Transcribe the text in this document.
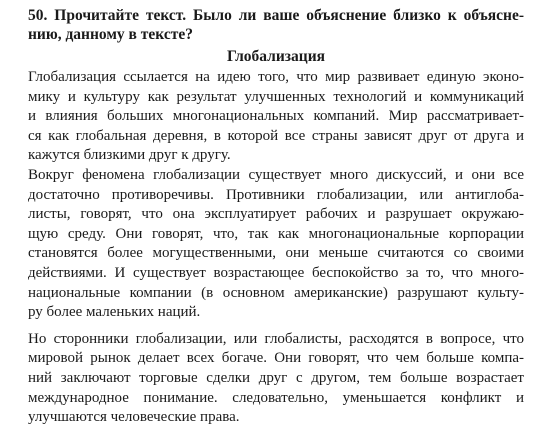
50. Прочитайте текст. Было ли ваше объяснение близко к объясне-
нию, данному в тексте?
Глобализация
Глобализация ссылается на идею того, что мир развивает единую эконо-
мику и культуру как результат улучшенных технологий и коммуникаций
и влияния больших многонациональных компаний. Мир рассматривает-
ся как глобальная деревня, в которой все страны зависят друг от друга и
кажутся близкими друг к другу.
Вокруг феномена глобализации существует много дискуссий, и они все
достаточно противоречивы. Противники глобализации, или антиглоба-
листы, говорят, что она эксплуатирует рабочих и разрушает окружаю-
щую среду. Они говорят, что, так как многонациональные корпорации
становятся более могущественными, они меньше считаются со своими
действиями. И существует возрастающее беспокойство за то, что много-
национальные компании (в основном американские) разрушают культу-
ру более маленьких наций.
Но сторонники глобализации, или глобалисты, расходятся в вопросе, что
мировой рынок делает всех богаче. Они говорят, что чем больше компа-
ний заключают торговые сделки друг с другом, тем больше возрастает
международное понимание. следовательно, уменьшается конфликт и
улучшаются человеческие права.
